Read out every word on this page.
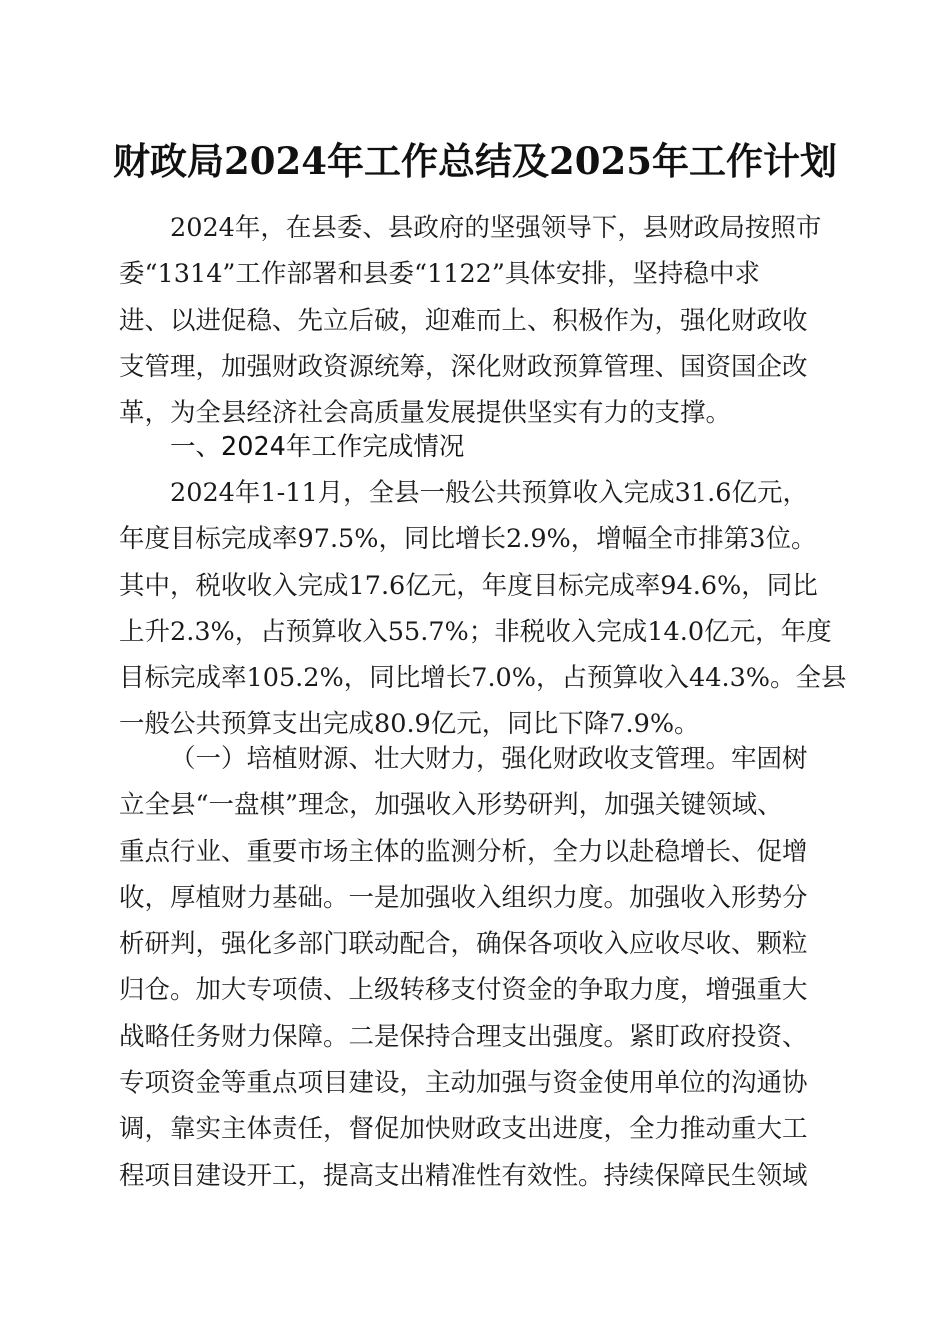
财政局2024年工作总结及2025年工作计划
2024年，在县委、县政府的坚强领导下，县财政局按照市
委“1314”工作部署和县委“1122”具体安排，坚持稳中求
进、以进促稳、先立后破，迎难而上、积极作为，强化财政收
支管理，加强财政资源统筹，深化财政预算管理、国资国企改
革，为全县经济社会高质量发展提供坚实有力的支撑。
一、2024年工作完成情况
2024年1-11月，全县一般公共预算收入完成31.6亿元，
年度目标完成率97.5%，同比增长2.9%，增幅全市排第3位。
其中，税收收入完成17.6亿元，年度目标完成率94.6%，同比
上升2.3%，占预算收入55.7%；非税收入完成14.0亿元，年度
目标完成率105.2%，同比增长7.0%，占预算收入44.3%。全县
一般公共预算支出完成80.9亿元，同比下降7.9%。
（一）培植财源、壮大财力，强化财政收支管理。牢固树
立全县“一盘棋”理念，加强收入形势研判，加强关键领域、
重点行业、重要市场主体的监测分析，全力以赴稳增长、促增
收，厚植财力基础。一是加强收入组织力度。加强收入形势分
析研判，强化多部门联动配合，确保各项收入应收尽收、颗粒
归仓。加大专项债、上级转移支付资金的争取力度，增强重大
战略任务财力保障。二是保持合理支出强度。紧盯政府投资、
专项资金等重点项目建设，主动加强与资金使用单位的沟通协
调，靠实主体责任，督促加快财政支出进度，全力推动重大工
程项目建设开工，提高支出精准性有效性。持续保障民生领域
